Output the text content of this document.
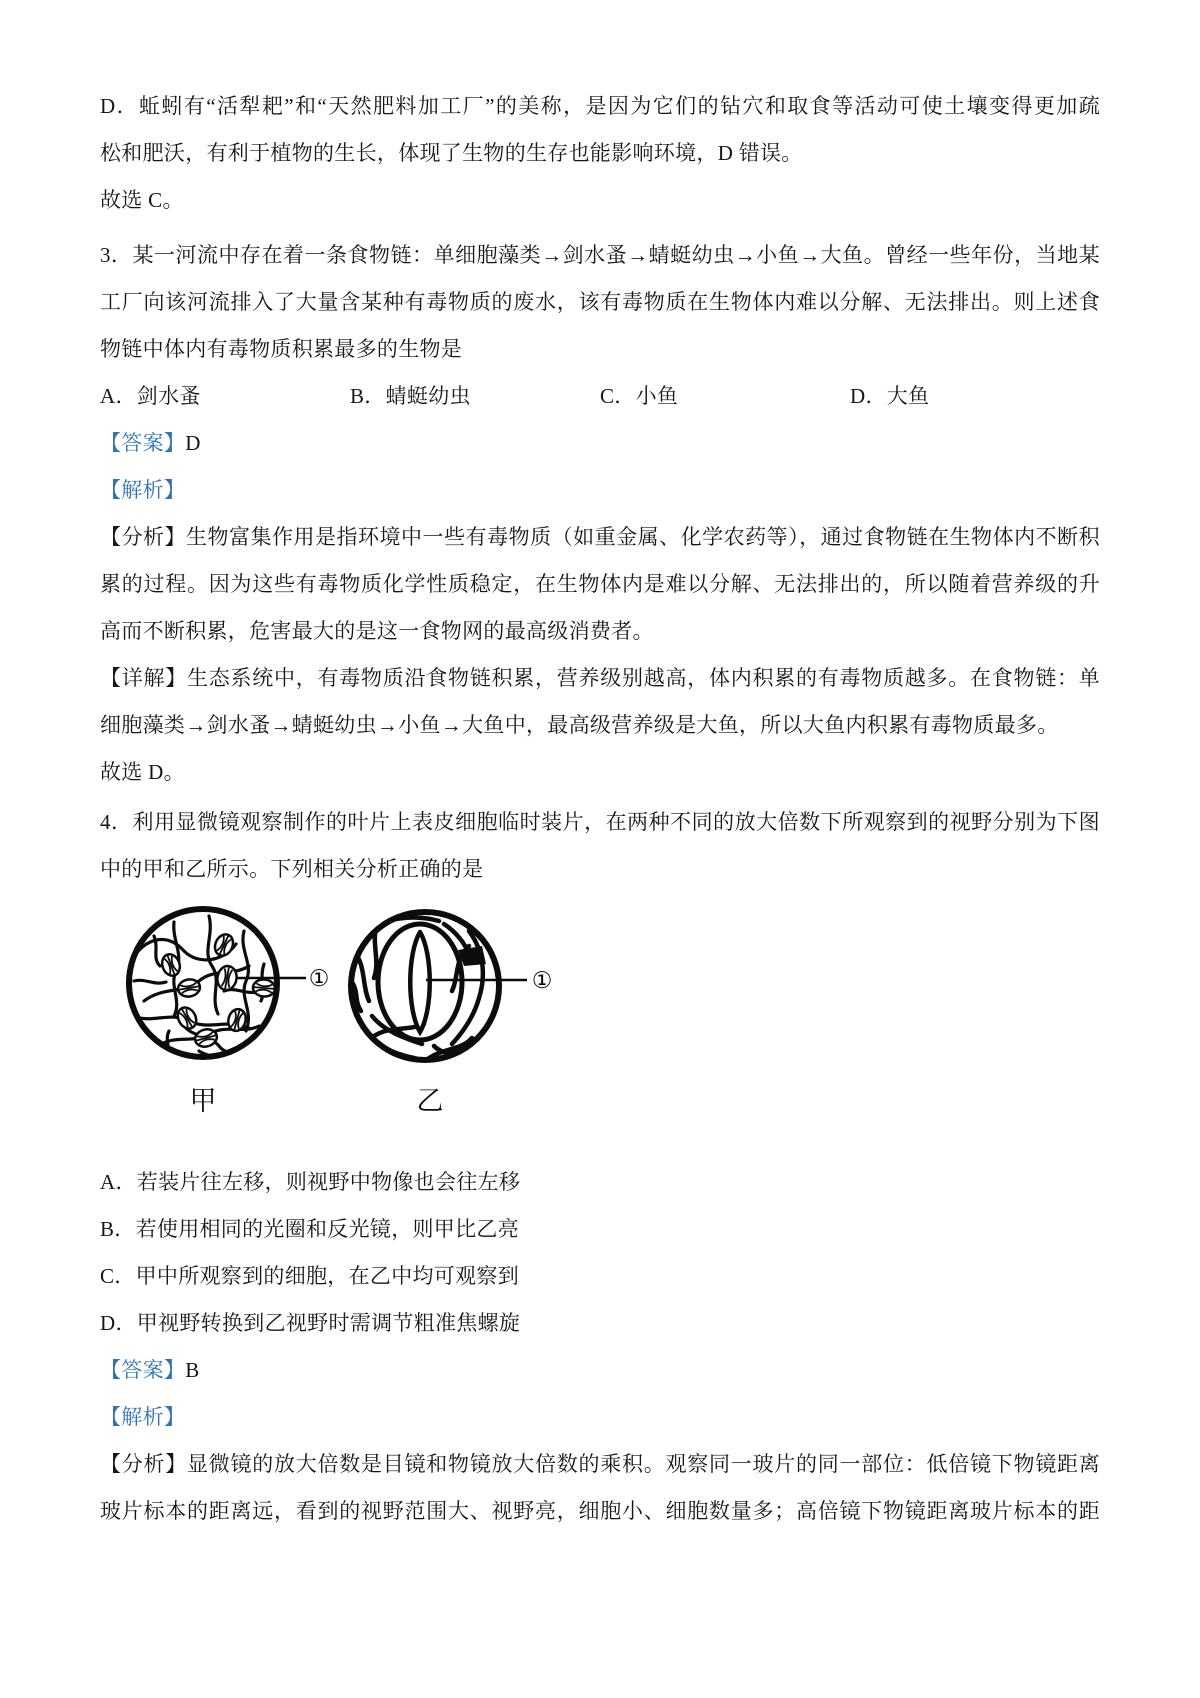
D．蚯蚓有“活犁耙”和“天然肥料加工厂”的美称，是因为它们的钻穴和取食等活动可使土壤变得更加疏
松和肥沃，有利于植物的生长，体现了生物的生存也能影响环境，D 错误。
故选 C。
3．某一河流中存在着一条食物链：单细胞藻类→剑水蚤→蜻蜓幼虫→小鱼→大鱼。曾经一些年份，当地某
工厂向该河流排入了大量含某种有毒物质的废水，该有毒物质在生物体内难以分解、无法排出。则上述食
物链中体内有毒物质积累最多的生物是
A．剑水蚤	B．蜻蜓幼虫	C．小鱼	D．大鱼
【答案】D
【解析】
【分析】生物富集作用是指环境中一些有毒物质（如重金属、化学农药等），通过食物链在生物体内不断积
累的过程。因为这些有毒物质化学性质稳定，在生物体内是难以分解、无法排出的，所以随着营养级的升
高而不断积累，危害最大的是这一食物网的最高级消费者。
【详解】生态系统中，有毒物质沿食物链积累，营养级别越高，体内积累的有毒物质越多。在食物链：单
细胞藻类→剑水蚤→蜻蜓幼虫→小鱼→大鱼中，最高级营养级是大鱼，所以大鱼内积累有毒物质最多。
故选 D。
4．利用显微镜观察制作的叶片上表皮细胞临时装片，在两种不同的放大倍数下所观察到的视野分别为下图
中的甲和乙所示。下列相关分析正确的是
①	①
甲	乙
A．若装片往左移，则视野中物像也会往左移
B．若使用相同的光圈和反光镜，则甲比乙亮
C．甲中所观察到的细胞，在乙中均可观察到
D．甲视野转换到乙视野时需调节粗准焦螺旋
【答案】B
【解析】
【分析】显微镜的放大倍数是目镜和物镜放大倍数的乘积。观察同一玻片的同一部位：低倍镜下物镜距离
玻片标本的距离远，看到的视野范围大、视野亮，细胞小、细胞数量多；高倍镜下物镜距离玻片标本的距
